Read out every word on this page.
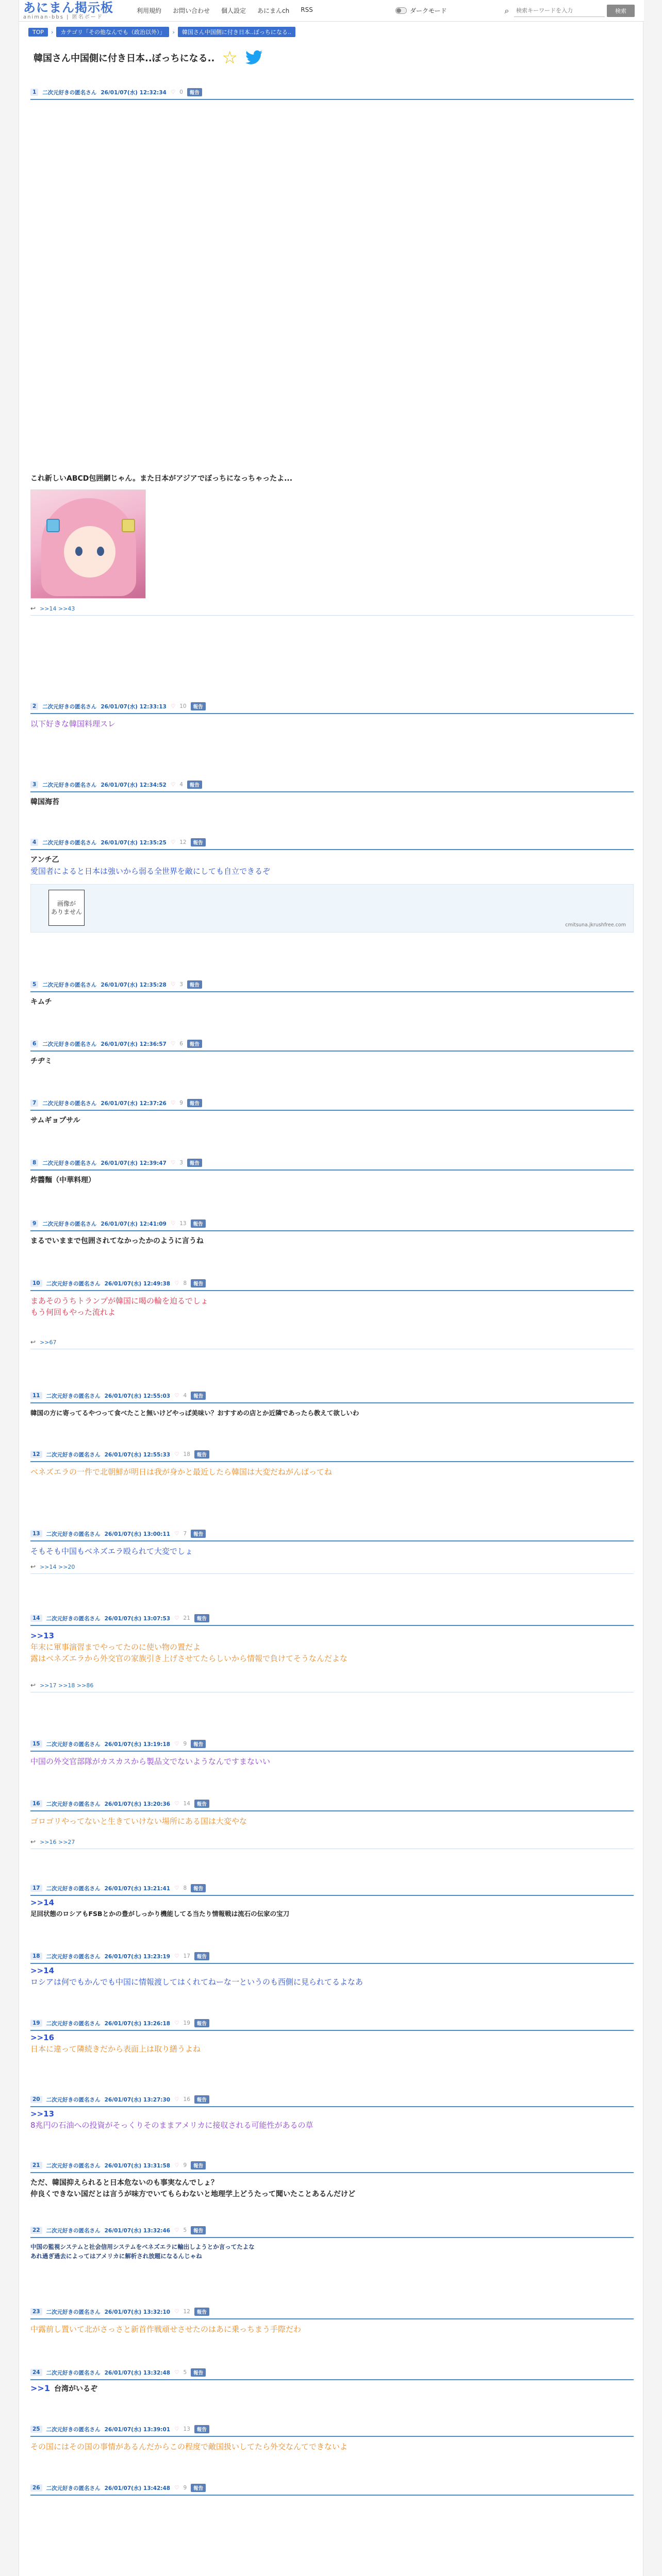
あにまん掲示板
animan-bbs | 匿名ボード
利用規約 お問い合わせ 個人設定 あにまんch RSS	ダークモード	⌕
検索キーワードを入力	検索
TOP	›	カテゴリ「その他なんでも（政治以外）」	›	韓国さん中国側に付き日本..ぼっちになる..
韓国さん中国側に付き日本..ぼっちになる.. ☆
1	二次元好きの匿名さん 26/01/07(水) 12:32:34 ♡ 0	報告
これ新しいABCD包囲網じゃん。また日本がアジアでぼっちになっちゃったよ...
↩ >>14 >>43
2	二次元好きの匿名さん 26/01/07(水) 12:33:13 ♡ 10	報告
以下好きな韓国料理スレ
3	二次元好きの匿名さん 26/01/07(水) 12:34:52 ♡ 4	報告
韓国海苔
4	二次元好きの匿名さん 26/01/07(水) 12:35:25 ♡ 12	報告
アンチ乙
愛国者によると日本は強いから弱る全世界を敵にしても自立できるぞ
画像が
ありません
cmitsuna.jkrushfree.com
5	二次元好きの匿名さん 26/01/07(水) 12:35:28 ♡ 3	報告
キムチ
6	二次元好きの匿名さん 26/01/07(水) 12:36:57 ♡ 6	報告
チヂミ
7	二次元好きの匿名さん 26/01/07(水) 12:37:26 ♡ 9	報告
サムギョプサル
8	二次元好きの匿名さん 26/01/07(水) 12:39:47 ♡ 3	報告
炸醬麵（中華料理）
9	二次元好きの匿名さん 26/01/07(水) 12:41:09 ♡ 13	報告
まるでいままで包囲されてなかったかのように言うね
10	二次元好きの匿名さん 26/01/07(水) 12:49:38 ♡ 8	報告
まあそのうちトランプが韓国に喝の輪を迫るでしょ
もう何回もやった流れよ
↩ >>67
11	二次元好きの匿名さん 26/01/07(水) 12:55:03 ♡ 4	報告
韓国の方に寄ってるやつって食べたこと無いけどやっぱ美味い？おすすめの店とか近隣であったら教えて欲しいわ
12	二次元好きの匿名さん 26/01/07(水) 12:55:33 ♡ 18	報告
ベネズエラの一件で北朝鮮が明日は我が身かと最近したら韓国は大変だねがんばってね
13	二次元好きの匿名さん 26/01/07(水) 13:00:11 ♡ 7	報告
そもそも中国もベネズエラ殴られて大変でしょ
↩ >>14 >>20
14	二次元好きの匿名さん 26/01/07(水) 13:07:53 ♡ 21	報告
>>13
年末に軍事演習までやってたのに使い物の置だよ
露はベネズエラから外交官の家族引き上げさせてたらしいから情報で負けてそうなんだよな
↩ >>17 >>18 >>86
15	二次元好きの匿名さん 26/01/07(水) 13:19:18 ♡ 9	報告
中国の外交官部隊がカスカスから製品文でないようなんですまないい
16	二次元好きの匿名さん 26/01/07(水) 13:20:36 ♡ 14	報告
ゴロゴリやってないと生きていけない場所にある国は大変やな
↩ >>16 >>27
17	二次元好きの匿名さん 26/01/07(水) 13:21:41 ♡ 8	報告
>>14
足回状態のロシアもFSBとかの豊がしっかり機能してる当たり情報戦は流石の伝家の宝刀
18	二次元好きの匿名さん 26/01/07(水) 13:23:19 ♡ 17	報告
>>14
ロシアは何でもかんでも中国に情報渡してはくれてねーな一というのも西側に見られてるよなあ
19	二次元好きの匿名さん 26/01/07(水) 13:26:18 ♡ 19	報告
>>16
日本に違って隣続きだから表面上は取り繕うよね
20	二次元好きの匿名さん 26/01/07(水) 13:27:30 ♡ 16	報告
>>13
8兆円の石油への投資がそっくりそのままアメリカに接収される可能性があるの草
21	二次元好きの匿名さん 26/01/07(水) 13:31:58 ♡ 9	報告
ただ、韓国抑えられると日本危ないのも事実なんでしょ？
仲良くできない国だとは言うが味方でいてもらわないと地理学上どうたって聞いたことあるんだけど
22	二次元好きの匿名さん 26/01/07(水) 13:32:46 ♡ 5	報告
中国の監視システムと社会信用システムをベネズエラに輸出しようとか言ってたよな
あれ過ぎ過去によってはアメリカに解析され放題になるんじゃね
23	二次元好きの匿名さん 26/01/07(水) 13:32:10 ♡ 12	報告
中露前し置いて北がさっさと新首作戦頑せさせたのはあに乗っちまう手際だわ
24	二次元好きの匿名さん 26/01/07(水) 13:32:48 ♡ 5	報告
>>1 台湾がいるぞ
25	二次元好きの匿名さん 26/01/07(水) 13:39:01 ♡ 13	報告
その国にはその国の事情があるんだからこの程度で敵国扱いしてたら外交なんてできないよ
26	二次元好きの匿名さん 26/01/07(水) 13:42:48 ♡ 9	報告
